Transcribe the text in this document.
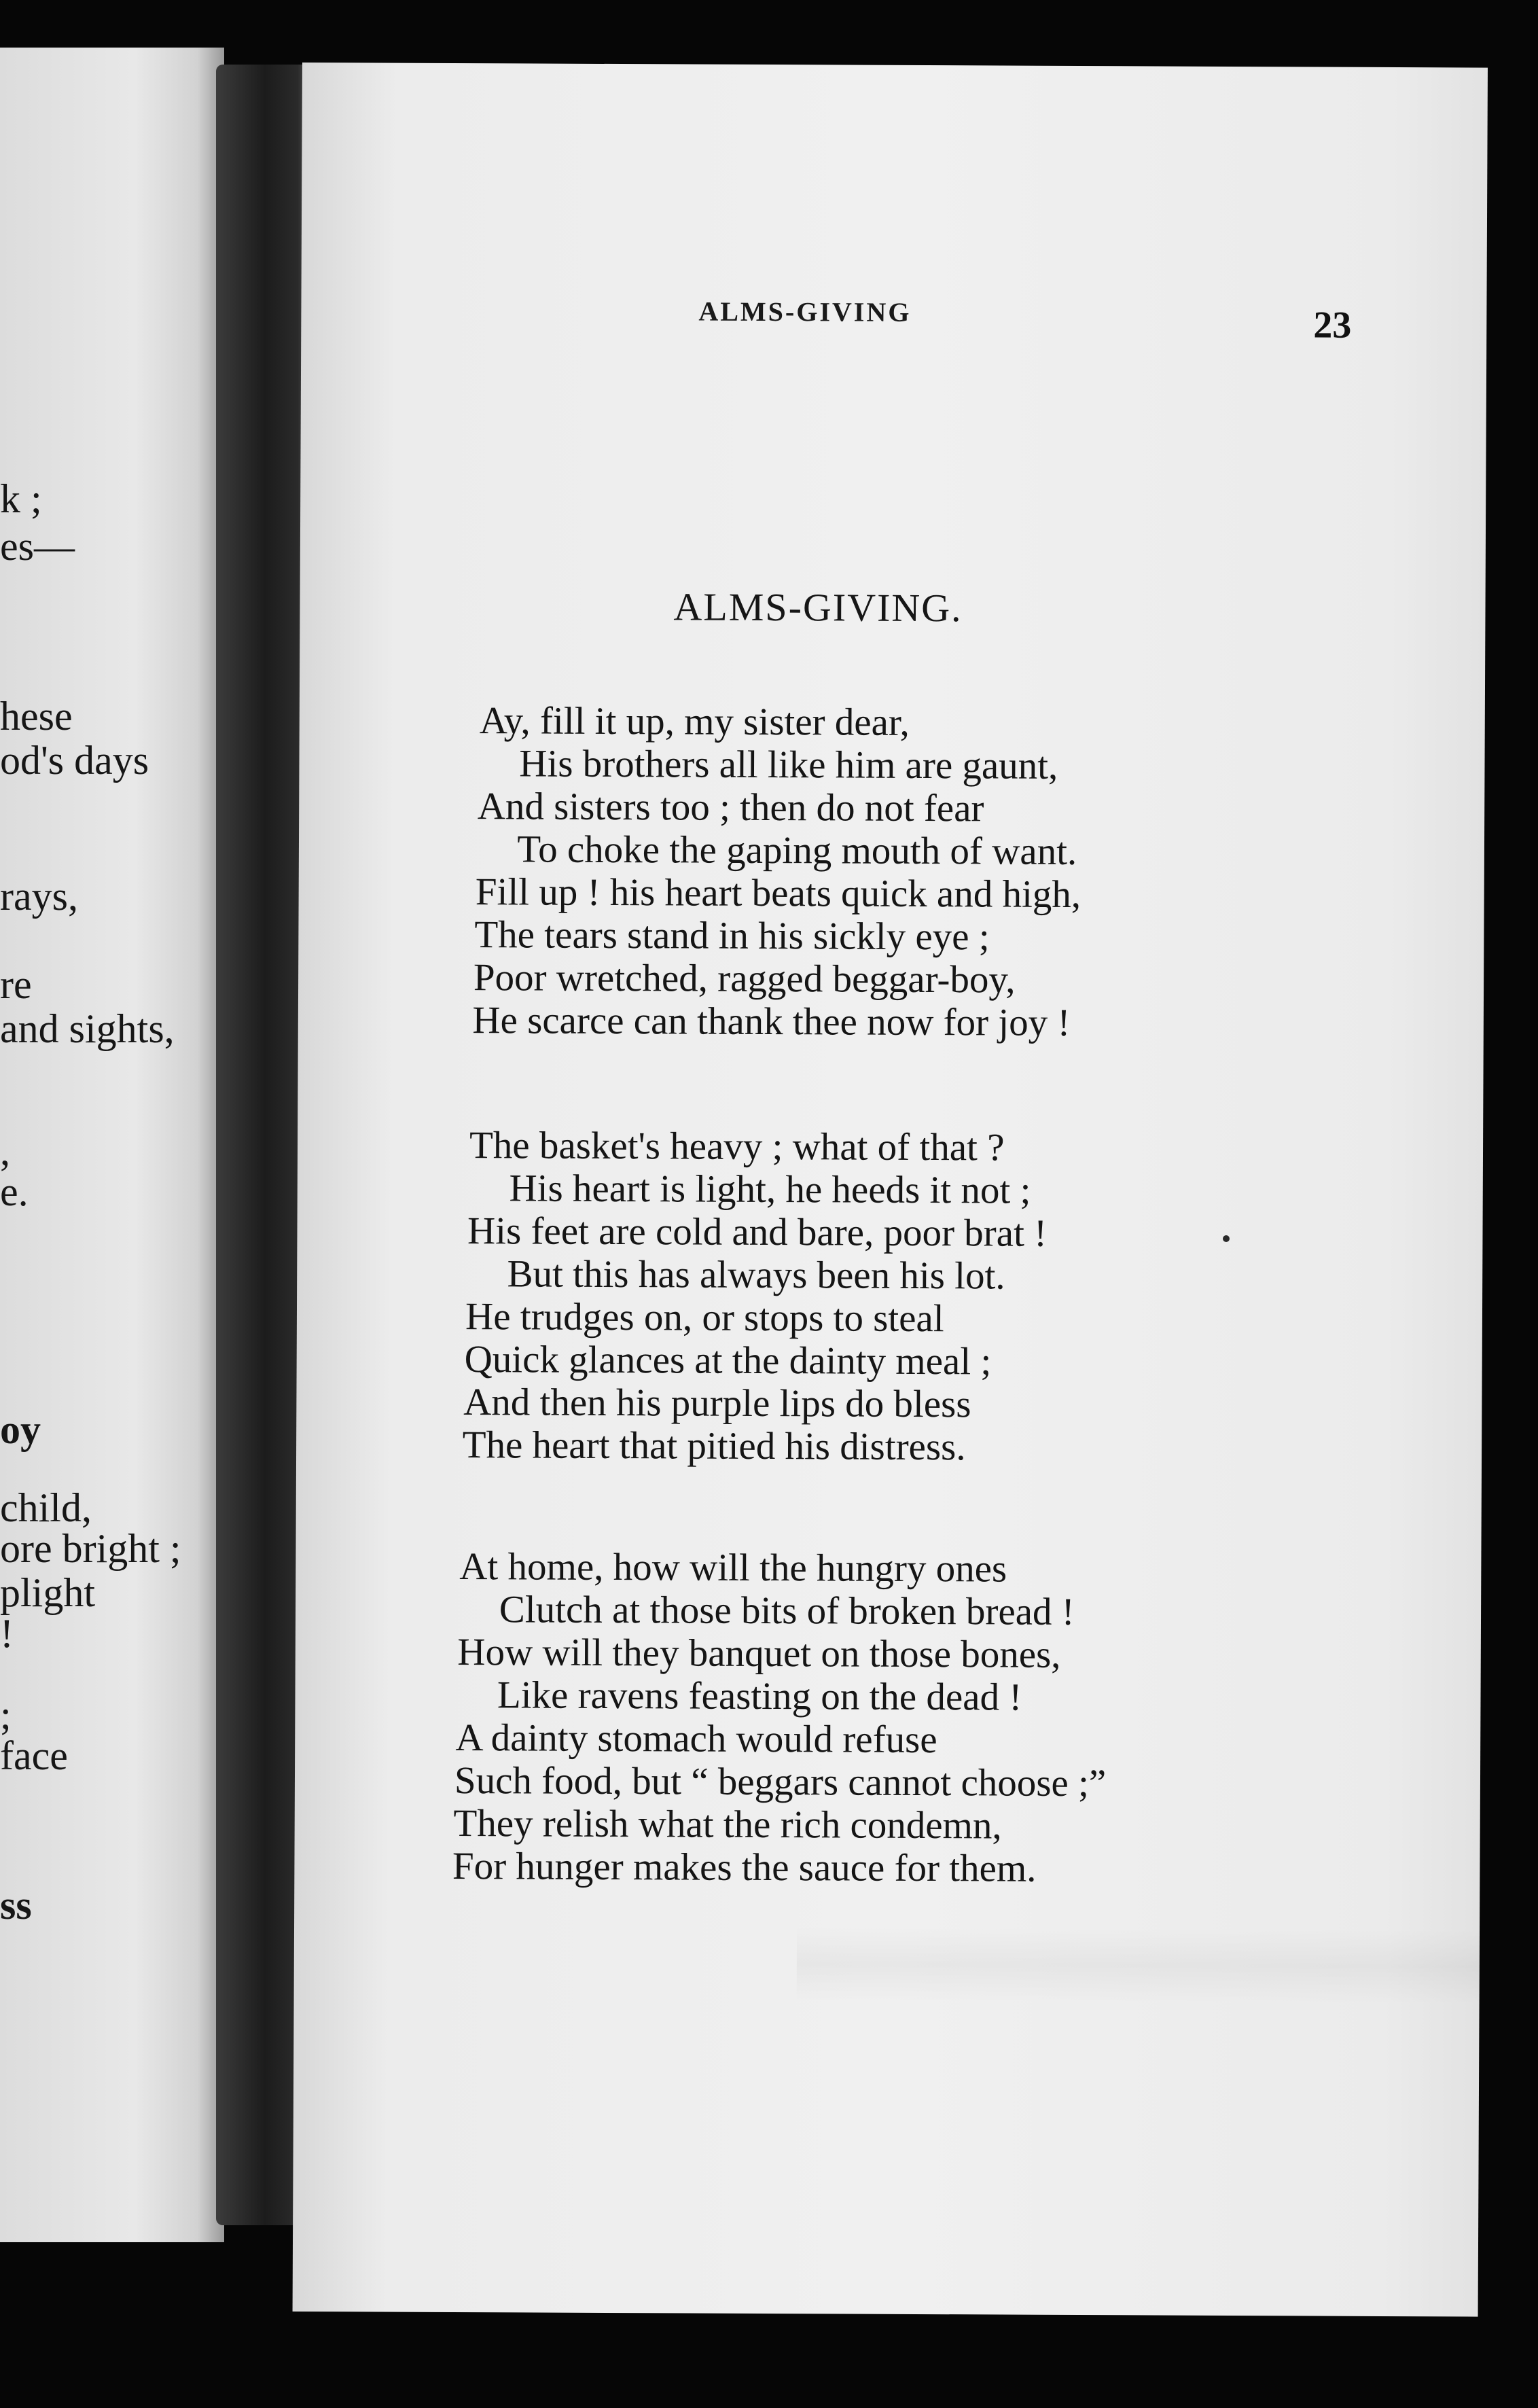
k ;
es—
hese
od's days
rays,
re
and sights,
,
e.
oy
child,
ore bright ;
plight
!
;
face
ss
ALMS-GIVING	23
ALMS-GIVING.
Ay, fill it up, my sister dear,
His brothers all like him are gaunt,
And sisters too ; then do not fear
To choke the gaping mouth of want.
Fill up ! his heart beats quick and high,
The tears stand in his sickly eye ;
Poor wretched, ragged beggar-boy,
He scarce can thank thee now for joy !
The basket's heavy ; what of that ?
His heart is light, he heeds it not ;
His feet are cold and bare, poor brat !
But this has always been his lot.
He trudges on, or stops to steal
Quick glances at the dainty meal ;
And then his purple lips do bless
The heart that pitied his distress.
At home, how will the hungry ones
Clutch at those bits of broken bread !
How will they banquet on those bones,
Like ravens feasting on the dead !
A dainty stomach would refuse
Such food, but “ beggars cannot choose ;”
They relish what the rich condemn,
For hunger makes the sauce for them.
